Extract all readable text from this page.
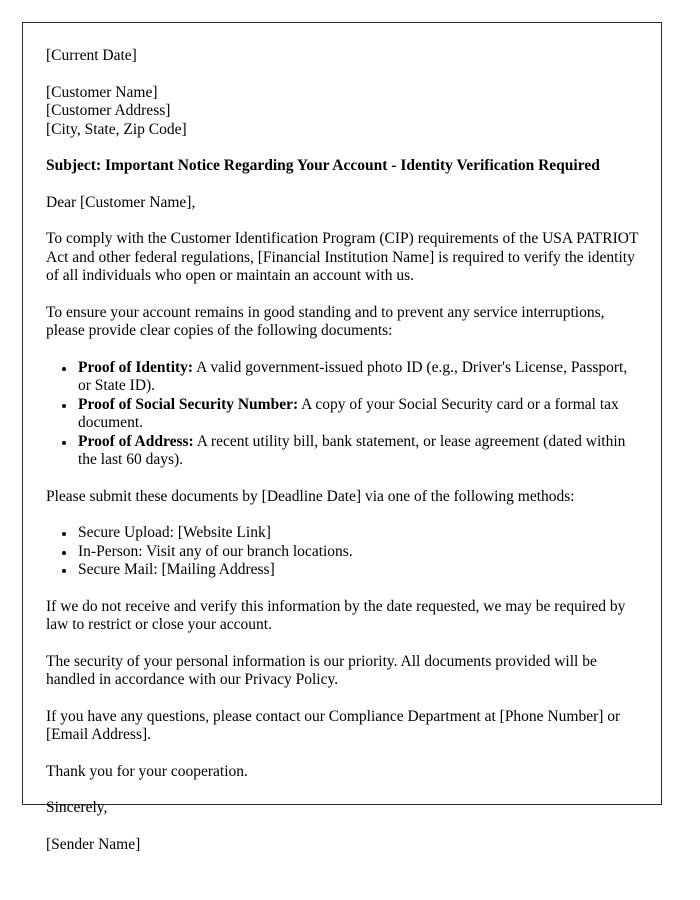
[Current Date]
[Customer Name]
[Customer Address]
[City, State, Zip Code]
Subject: Important Notice Regarding Your Account - Identity Verification Required

Dear [Customer Name],

To comply with the Customer Identification Program (CIP) requirements of the USA PATRIOT Act and other federal regulations, [Financial Institution Name] is required to verify the identity of all individuals who open or maintain an account with us.

To ensure your account remains in good standing and to prevent any service interruptions, please provide clear copies of the following documents:

• Proof of Identity: A valid government-issued photo ID (e.g., Driver's License, Passport, or State ID).
• Proof of Social Security Number: A copy of your Social Security card or a formal tax document.
• Proof of Address: A recent utility bill, bank statement, or lease agreement (dated within the last 60 days).

Please submit these documents by [Deadline Date] via one of the following methods:

• Secure Upload: [Website Link]
• In-Person: Visit any of our branch locations.
• Secure Mail: [Mailing Address]

If we do not receive and verify this information by the date requested, we may be required by law to restrict or close your account.

The security of your personal information is our priority. All documents provided will be handled in accordance with our Privacy Policy.

If you have any questions, please contact our Compliance Department at [Phone Number] or [Email Address].

Thank you for your cooperation.

Sincerely,

[Sender Name]
